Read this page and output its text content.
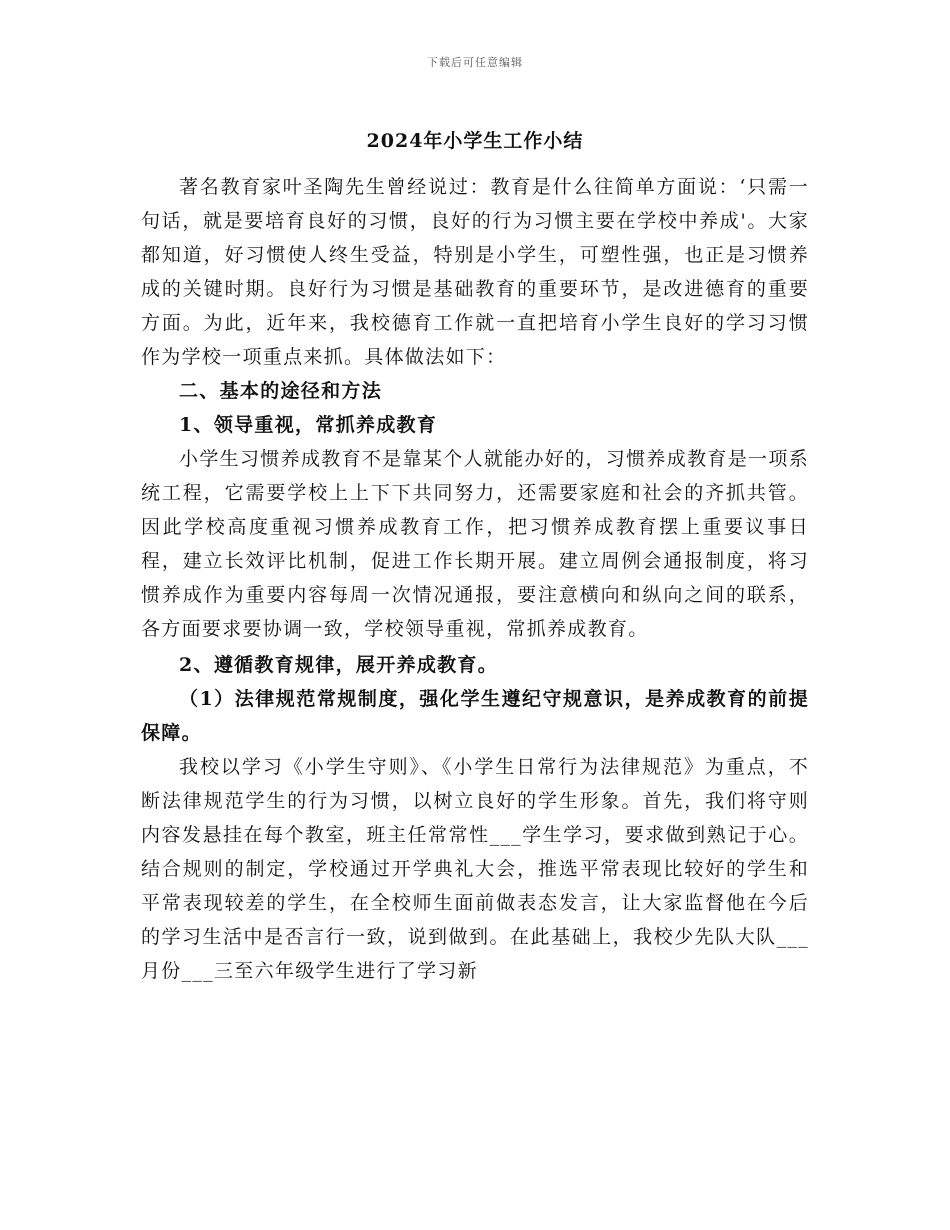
下载后可任意编辑
2024年小学生工作小结

著名教育家叶圣陶先生曾经说过：教育是什么往简单方面说：‘只需一句话，就是要培育良好的习惯，良好的行为习惯主要在学校中养成'。大家都知道，好习惯使人终生受益，特别是小学生，可塑性强，也正是习惯养成的关键时期。良好行为习惯是基础教育的重要环节，是改进德育的重要方面。为此，近年来，我校德育工作就一直把培育小学生良好的学习习惯作为学校一项重点来抓。具体做法如下：

二、基本的途径和方法

1、领导重视，常抓养成教育

小学生习惯养成教育不是靠某个人就能办好的，习惯养成教育是一项系统工程，它需要学校上上下下共同努力，还需要家庭和社会的齐抓共管。因此学校高度重视习惯养成教育工作，把习惯养成教育摆上重要议事日程，建立长效评比机制，促进工作长期开展。建立周例会通报制度，将习惯养成作为重要内容每周一次情况通报，要注意横向和纵向之间的联系，各方面要求要协调一致，学校领导重视，常抓养成教育。

2、遵循教育规律，展开养成教育。

（1）法律规范常规制度，强化学生遵纪守规意识，是养成教育的前提保障。

我校以学习《小学生守则》、《小学生日常行为法律规范》为重点，不断法律规范学生的行为习惯，以树立良好的学生形象。首先，我们将守则内容发悬挂在每个教室，班主任常常性___学生学习，要求做到熟记于心。结合规则的制定，学校通过开学典礼大会，推选平常表现比较好的学生和平常表现较差的学生，在全校师生面前做表态发言，让大家监督他在今后的学习生活中是否言行一致，说到做到。在此基础上，我校少先队大队___月份___三至六年级学生进行了学习新
